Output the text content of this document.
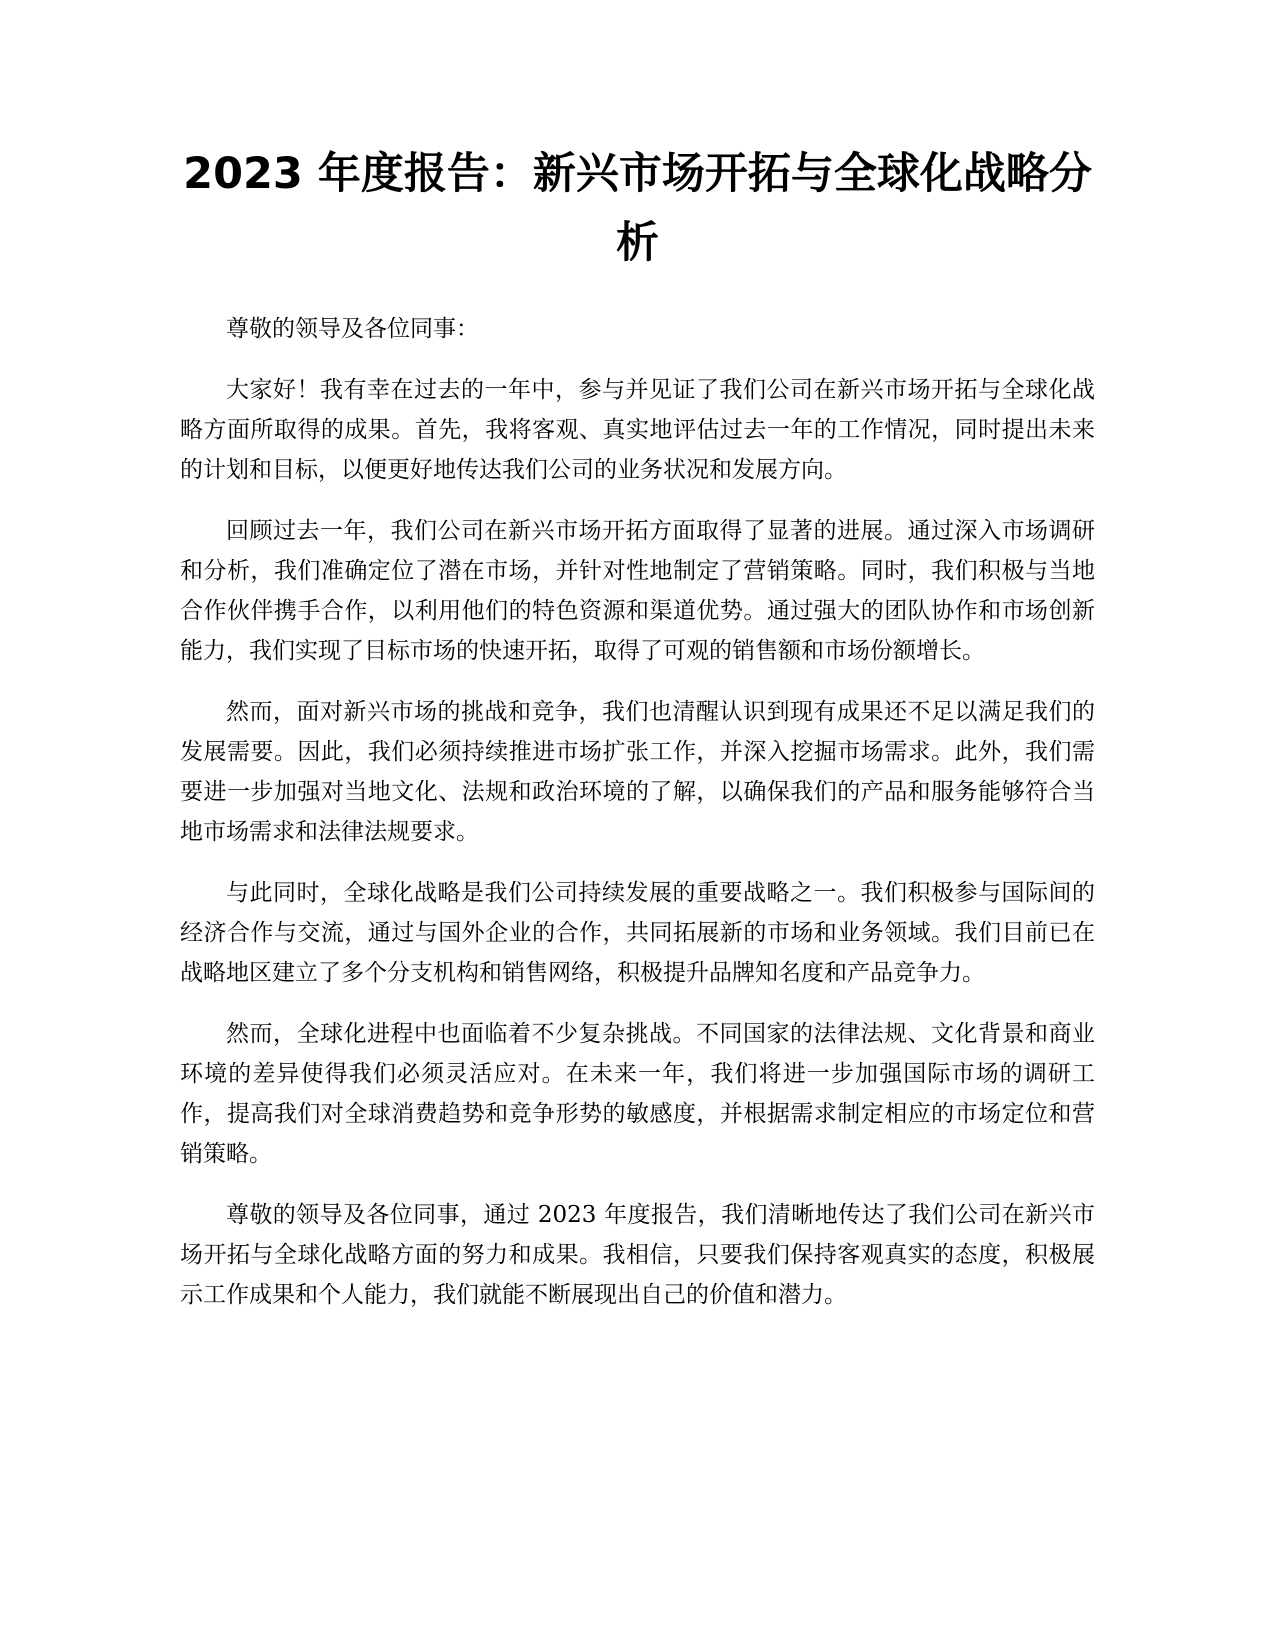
2023 年度报告：新兴市场开拓与全球化战略分析

尊敬的领导及各位同事：

大家好！我有幸在过去的一年中，参与并见证了我们公司在新兴市场开拓与全球化战略方面所取得的成果。首先，我将客观、真实地评估过去一年的工作情况，同时提出未来的计划和目标，以便更好地传达我们公司的业务状况和发展方向。

回顾过去一年，我们公司在新兴市场开拓方面取得了显著的进展。通过深入市场调研和分析，我们准确定位了潜在市场，并针对性地制定了营销策略。同时，我们积极与当地合作伙伴携手合作，以利用他们的特色资源和渠道优势。通过强大的团队协作和市场创新能力，我们实现了目标市场的快速开拓，取得了可观的销售额和市场份额增长。

然而，面对新兴市场的挑战和竞争，我们也清醒认识到现有成果还不足以满足我们的发展需要。因此，我们必须持续推进市场扩张工作，并深入挖掘市场需求。此外，我们需要进一步加强对当地文化、法规和政治环境的了解，以确保我们的产品和服务能够符合当地市场需求和法律法规要求。

与此同时，全球化战略是我们公司持续发展的重要战略之一。我们积极参与国际间的经济合作与交流，通过与国外企业的合作，共同拓展新的市场和业务领域。我们目前已在战略地区建立了多个分支机构和销售网络，积极提升品牌知名度和产品竞争力。

然而，全球化进程中也面临着不少复杂挑战。不同国家的法律法规、文化背景和商业环境的差异使得我们必须灵活应对。在未来一年，我们将进一步加强国际市场的调研工作，提高我们对全球消费趋势和竞争形势的敏感度，并根据需求制定相应的市场定位和营销策略。

尊敬的领导及各位同事，通过 2023 年度报告，我们清晰地传达了我们公司在新兴市场开拓与全球化战略方面的努力和成果。我相信，只要我们保持客观真实的态度，积极展示工作成果和个人能力，我们就能不断展现出自己的价值和潜力。
